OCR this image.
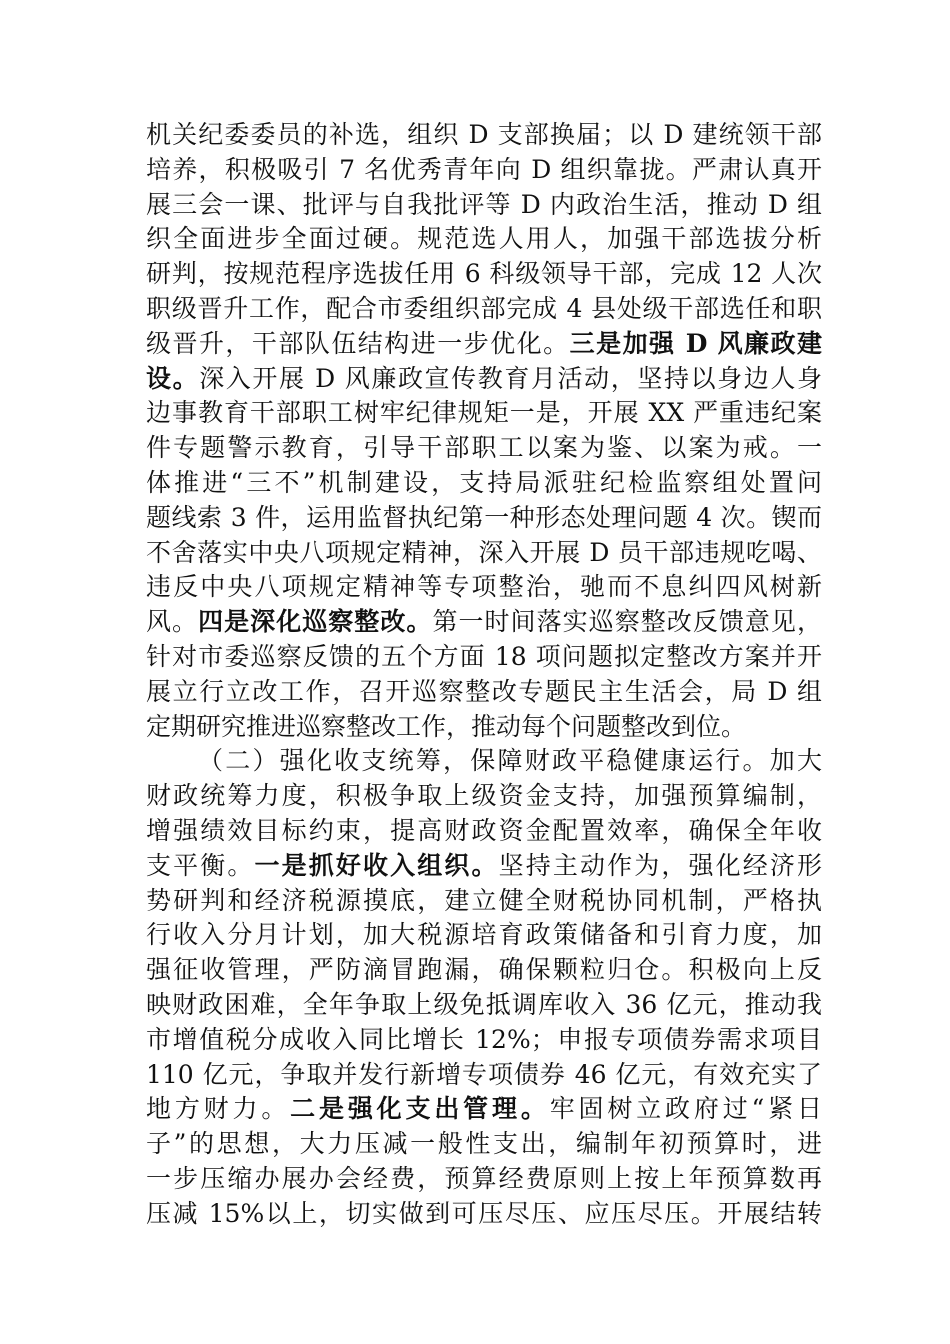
机关纪委委员的补选，组织 D 支部换届；以 D 建统领干部
培养，积极吸引 7 名优秀青年向 D 组织靠拢。严肃认真开
展三会一课、批评与自我批评等 D 内政治生活，推动 D 组
织全面进步全面过硬。规范选人用人，加强干部选拔分析
研判，按规范程序选拔任用 6 科级领导干部，完成 12 人次
职级晋升工作，配合市委组织部完成 4 县处级干部选任和职
级晋升，干部队伍结构进一步优化。三是加强 D 风廉政建
设。深入开展 D 风廉政宣传教育月活动，坚持以身边人身
边事教育干部职工树牢纪律规矩一是，开展 XX 严重违纪案
件专题警示教育，引导干部职工以案为鉴、以案为戒。一
体推进“三不”机制建设，支持局派驻纪检监察组处置问
题线索 3 件，运用监督执纪第一种形态处理问题 4 次。锲而
不舍落实中央八项规定精神，深入开展 D 员干部违规吃喝、
违反中央八项规定精神等专项整治，驰而不息纠四风树新
风。四是深化巡察整改。第一时间落实巡察整改反馈意见，
针对市委巡察反馈的五个方面 18 项问题拟定整改方案并开
展立行立改工作，召开巡察整改专题民主生活会，局 D 组
定期研究推进巡察整改工作，推动每个问题整改到位。
（二）强化收支统筹，保障财政平稳健康运行。加大
财政统筹力度，积极争取上级资金支持，加强预算编制，
增强绩效目标约束，提高财政资金配置效率，确保全年收
支平衡。一是抓好收入组织。坚持主动作为，强化经济形
势研判和经济税源摸底，建立健全财税协同机制，严格执
行收入分月计划，加大税源培育政策储备和引育力度，加
强征收管理，严防滴冒跑漏，确保颗粒归仓。积极向上反
映财政困难，全年争取上级免抵调库收入 36 亿元，推动我
市增值税分成收入同比增长 12%；申报专项债券需求项目
110 亿元，争取并发行新增专项债券 46 亿元，有效充实了
地方财力。二是强化支出管理。牢固树立政府过“紧日
子”的思想，大力压减一般性支出，编制年初预算时，进
一步压缩办展办会经费，预算经费原则上按上年预算数再
压减 15%以上，切实做到可压尽压、应压尽压。开展结转
